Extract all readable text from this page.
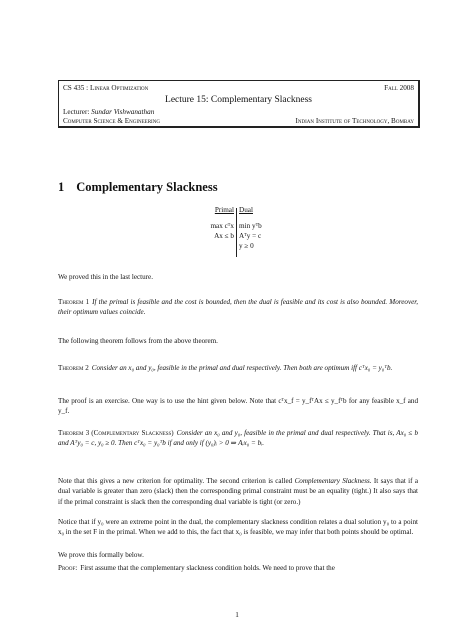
CS 435 : Linear Optimization	Fall 2008
Lecture 15: Complementary Slackness
Lecturer: Sundar Vishwanathan
Computer Science & Engineering	Indian Institute of Technology, Bombay
1 Complementary Slackness
Primal
max cᵀx
Ax ≤ b
Dual
min yᵀb
Aᵀy = c
y ≥ 0

We proved this in the last lecture.

Theorem 1 If the primal is feasible and the cost is bounded, then the dual is feasible and its cost is also bounded. Moreover, their optimum values coincide.

The following theorem follows from the above theorem.

Theorem 2 Consider an x₀ and y₀, feasible in the primal and dual respectively. Then both are optimum iff cᵀx₀ = y₀ᵀb.

The proof is an exercise. One way is to use the hint given below. Note that cᵀx_f = y_fᵀAx ≤ y_fᵀb for any feasible x_f and y_f.

Theorem 3 (Complementary Slackness) Consider an x₀ and y₀, feasible in the primal and dual respectively. That is, Ax₀ ≤ b and Aᵀy₀ = c, y₀ ≥ 0. Then cᵀx₀ = y₀ᵀb if and only if (y₀)ᵢ > 0 ⇒ Aᵢx₀ = bᵢ.

Note that this gives a new criterion for optimality. The second criterion is called Complementary Slackness. It says that if a dual variable is greater than zero (slack) then the corresponding primal constraint must be an equality (tight.) It also says that if the primal constraint is slack then the corresponding dual variable is tight (or zero.)

Notice that if y₀ were an extreme point in the dual, the complementary slackness condition relates a dual solution y₀ to a point x₀ in the set F in the primal. When we add to this, the fact that x₀ is feasible, we may infer that both points should be optimal.

We prove this formally below.

Proof: First assume that the complementary slackness condition holds. We need to prove that the

1
